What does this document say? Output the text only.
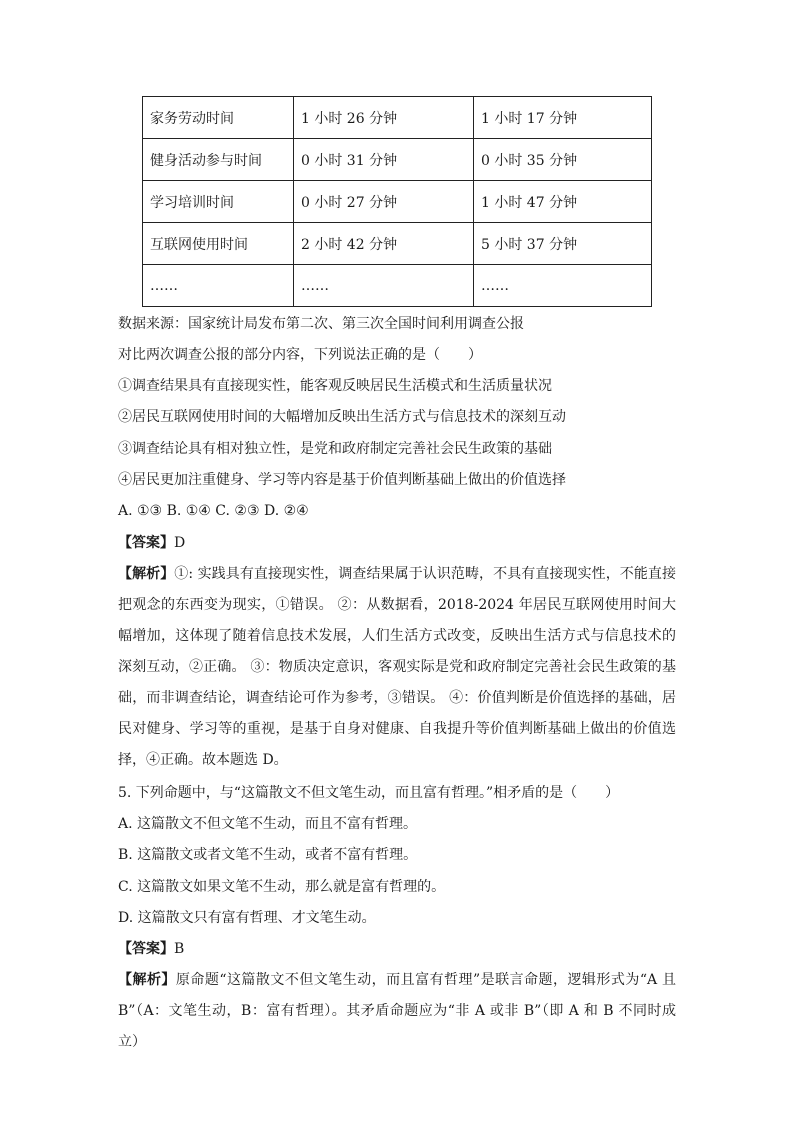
家务劳动时间	1 小时 26 分钟	1 小时 17 分钟
健身活动参与时间	0 小时 31 分钟	0 小时 35 分钟
学习培训时间	0 小时 27 分钟	1 小时 47 分钟
互联网使用时间	2 小时 42 分钟	5 小时 37 分钟
……	……	……
数据来源：国家统计局发布第二次、第三次全国时间利用调查公报
对比两次调查公报的部分内容，下列说法正确的是（　　）
①调查结果具有直接现实性，能客观反映居民生活模式和生活质量状况
②居民互联网使用时间的大幅增加反映出生活方式与信息技术的深刻互动
③调查结论具有相对独立性，是党和政府制定完善社会民生政策的基础
④居民更加注重健身、学习等内容是基于价值判断基础上做出的价值选择
A. ①③ B. ①④ C. ②③ D. ②④
【答案】D
【解析】①: 实践具有直接现实性，调查结果属于认识范畴，不具有直接现实性，不能直接把观念的东西变为现实，①错误。 ②：从数据看，2018-2024 年居民互联网使用时间大幅增加，这体现了随着信息技术发展，人们生活方式改变，反映出生活方式与信息技术的深刻互动，②正确。 ③：物质决定意识，客观实际是党和政府制定完善社会民生政策的基础，而非调查结论，调查结论可作为参考，③错误。 ④：价值判断是价值选择的基础，居民对健身、学习等的重视，是基于自身对健康、自我提升等价值判断基础上做出的价值选择，④正确。故本题选 D。
5. 下列命题中，与“这篇散文不但文笔生动，而且富有哲理。”相矛盾的是（　　）
A. 这篇散文不但文笔不生动，而且不富有哲理。
B. 这篇散文或者文笔不生动，或者不富有哲理。
C. 这篇散文如果文笔不生动，那么就是富有哲理的。
D. 这篇散文只有富有哲理、才文笔生动。
【答案】B
【解析】原命题“这篇散文不但文笔生动，而且富有哲理”是联言命题，逻辑形式为“A 且 B”（A：文笔生动，B：富有哲理）。其矛盾命题应为“非 A 或非 B”（即 A 和 B 不同时成立）
